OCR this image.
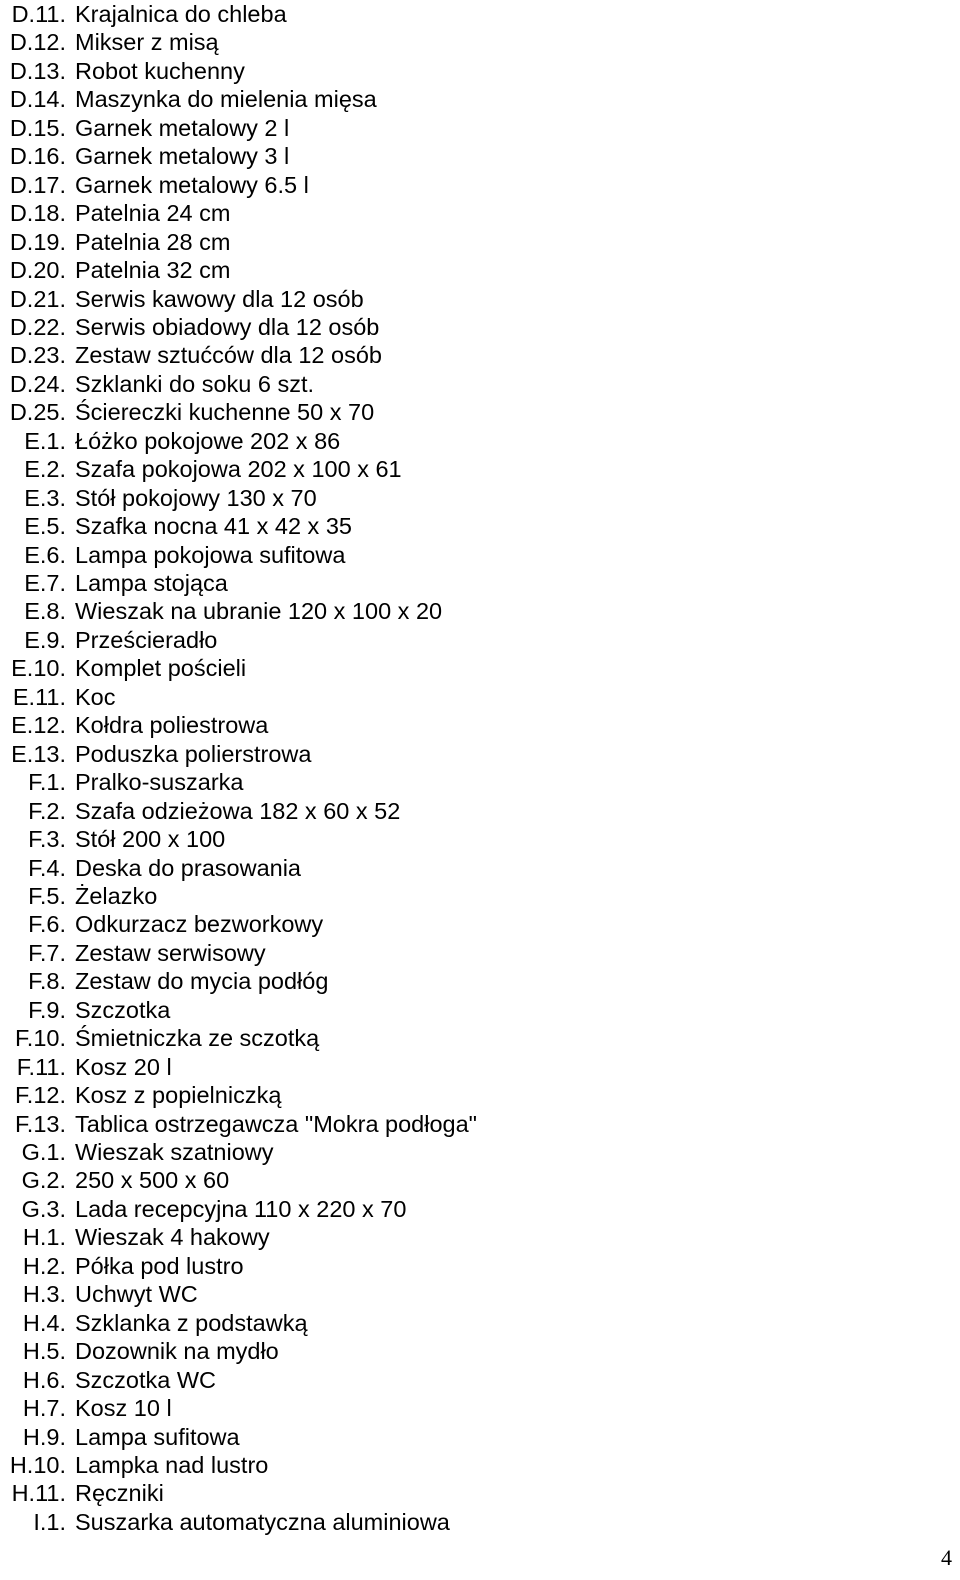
D.11. Krajalnica do chleba
D.12. Mikser z misą
D.13. Robot kuchenny
D.14. Maszynka do mielenia mięsa
D.15. Garnek metalowy 2 l
D.16. Garnek metalowy 3 l
D.17. Garnek metalowy 6.5 l
D.18. Patelnia 24 cm
D.19. Patelnia 28 cm
D.20. Patelnia 32 cm
D.21. Serwis kawowy dla 12 osób
D.22. Serwis obiadowy dla 12 osób
D.23. Zestaw sztućców dla 12 osób
D.24. Szklanki do soku 6 szt.
D.25. Ściereczki kuchenne 50 x 70
E.1. Łóżko pokojowe 202 x 86
E.2. Szafa pokojowa 202 x 100 x 61
E.3. Stół pokojowy 130 x 70
E.5. Szafka nocna 41 x 42 x 35
E.6. Lampa pokojowa sufitowa
E.7. Lampa stojąca
E.8. Wieszak na ubranie 120 x 100 x 20
E.9. Prześcieradło
E.10. Komplet pościeli
E.11. Koc
E.12. Kołdra poliestrowa
E.13. Poduszka polierstrowa
F.1. Pralko-suszarka
F.2. Szafa odzieżowa 182 x 60 x 52
F.3. Stół 200 x 100
F.4. Deska do prasowania
F.5. Żelazko
F.6. Odkurzacz bezworkowy
F.7. Zestaw serwisowy
F.8. Zestaw do mycia podłóg
F.9. Szczotka
F.10. Śmietniczka ze sczotką
F.11. Kosz 20 l
F.12. Kosz z popielniczką
F.13. Tablica ostrzegawcza "Mokra podłoga"
G.1. Wieszak szatniowy
G.2. 250 x 500 x 60
G.3. Lada recepcyjna 110 x 220 x 70
H.1. Wieszak 4 hakowy
H.2. Półka pod lustro
H.3. Uchwyt WC
H.4. Szklanka z podstawką
H.5. Dozownik na mydło
H.6. Szczotka WC
H.7. Kosz 10 l
H.9. Lampa sufitowa
H.10. Lampka nad lustro
H.11. Ręczniki
I.1. Suszarka automatyczna aluminiowa
4
